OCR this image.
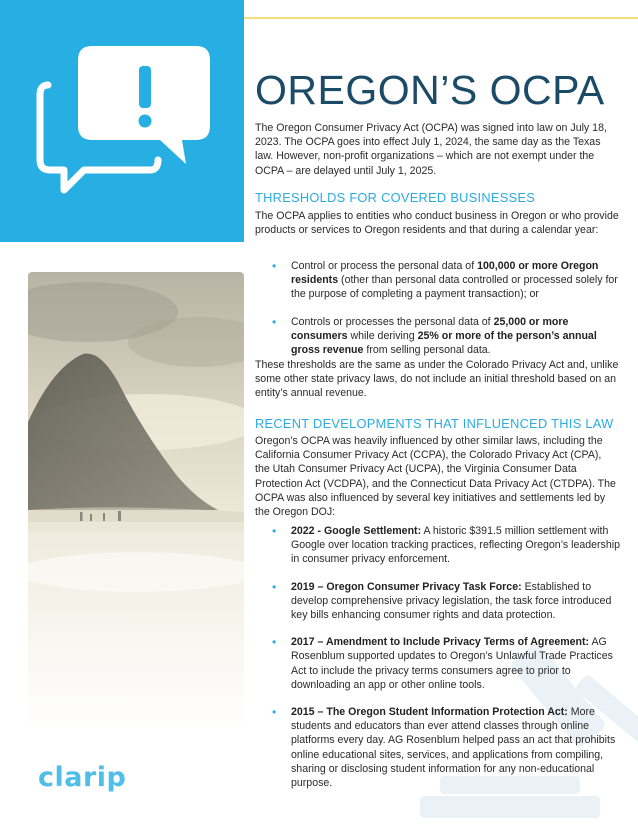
clarip
OREGON’S OCPA

The Oregon Consumer Privacy Act (OCPA) was signed into law on July 18, 2023. The OCPA goes into effect July 1, 2024, the same day as the Texas law. However, non-profit organizations – which are not exempt under the OCPA – are delayed until July 1, 2025.

THRESHOLDS FOR COVERED BUSINESSES

The OCPA applies to entities who conduct business in Oregon or who provide products or services to Oregon residents and that during a calendar year:

• Control or process the personal data of 100,000 or more Oregon residents (other than personal data controlled or processed solely for the purpose of completing a payment transaction); or
• Controls or processes the personal data of 25,000 or more consumers while deriving 25% or more of the person’s annual gross revenue from selling personal data.

These thresholds are the same as under the Colorado Privacy Act and, unlike some other state privacy laws, do not include an initial threshold based on an entity’s annual revenue.

RECENT DEVELOPMENTS THAT INFLUENCED THIS LAW

Oregon’s OCPA was heavily influenced by other similar laws, including the California Consumer Privacy Act (CCPA), the Colorado Privacy Act (CPA), the Utah Consumer Privacy Act (UCPA), the Virginia Consumer Data Protection Act (VCDPA), and the Connecticut Data Privacy Act (CTDPA). The OCPA was also influenced by several key initiatives and settlements led by the Oregon DOJ:

• 2022 - Google Settlement: A historic $391.5 million settlement with Google over location tracking practices, reflecting Oregon’s leadership in consumer privacy enforcement.
• 2019 – Oregon Consumer Privacy Task Force: Established to develop comprehensive privacy legislation, the task force introduced key bills enhancing consumer rights and data protection.
• 2017 – Amendment to Include Privacy Terms of Agreement: AG Rosenblum supported updates to Oregon’s Unlawful Trade Practices Act to include the privacy terms consumers agree to prior to downloading an app or other online tools.
• 2015 – The Oregon Student Information Protection Act: More students and educators than ever attend classes through online platforms every day. AG Rosenblum helped pass an act that prohibits online educational sites, services, and applications from compiling, sharing or disclosing student information for any non-educational purpose.
